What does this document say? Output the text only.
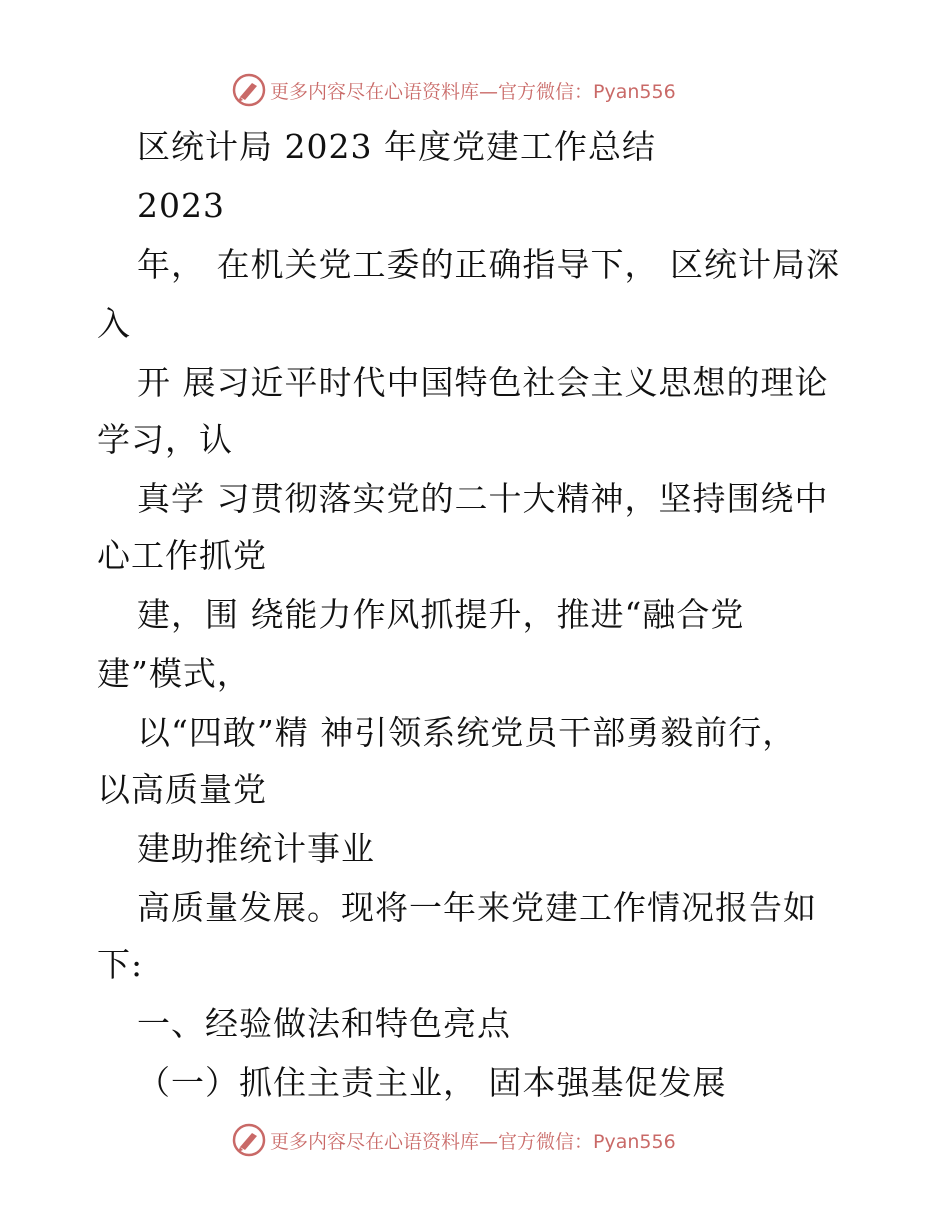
更多内容尽在心语资料库—官方微信：Pyan556
区统计局 2023 年度党建工作总结
2023
年， 在机关党工委的正确指导下， 区统计局深
入
开 展习近平时代中国特色社会主义思想的理论
学习，认
真学 习贯彻落实党的二十大精神，坚持围绕中
心工作抓党
建，围 绕能力作风抓提升，推进“融合党
建”模式，
以“四敢”精 神引领系统党员干部勇毅前行，
以高质量党
建助推统计事业
高质量发展。现将一年来党建工作情况报告如
下:
一、经验做法和特色亮点
（一）抓住主责主业， 固本强基促发展
更多内容尽在心语资料库—官方微信：Pyan556
